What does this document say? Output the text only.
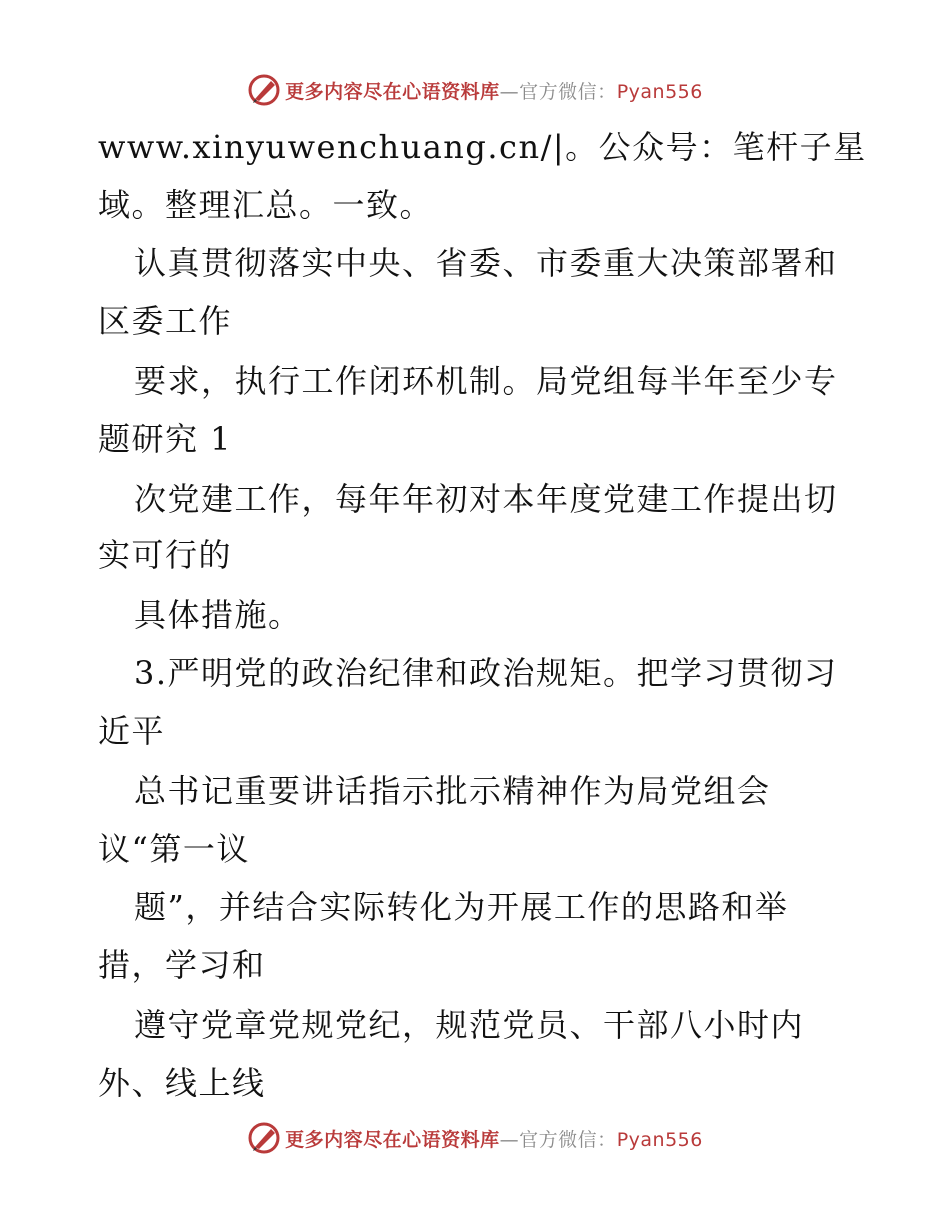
更多内容尽在心语资料库—官方微信：Pyan556
www.xinyuwenchuang.cn/|。公众号：笔杆子星
域。整理汇总。一致。
认真贯彻落实中央、省委、市委重大决策部署和
区委工作
要求，执行工作闭环机制。局党组每半年至少专
题研究 1
次党建工作，每年年初对本年度党建工作提出切
实可行的
具体措施。
3.严明党的政治纪律和政治规矩。把学习贯彻习
近平
总书记重要讲话指示批示精神作为局党组会
议“第一议
题”，并结合实际转化为开展工作的思路和举
措，学习和
遵守党章党规党纪，规范党员、干部八小时内
外、线上线
更多内容尽在心语资料库—官方微信：Pyan556
